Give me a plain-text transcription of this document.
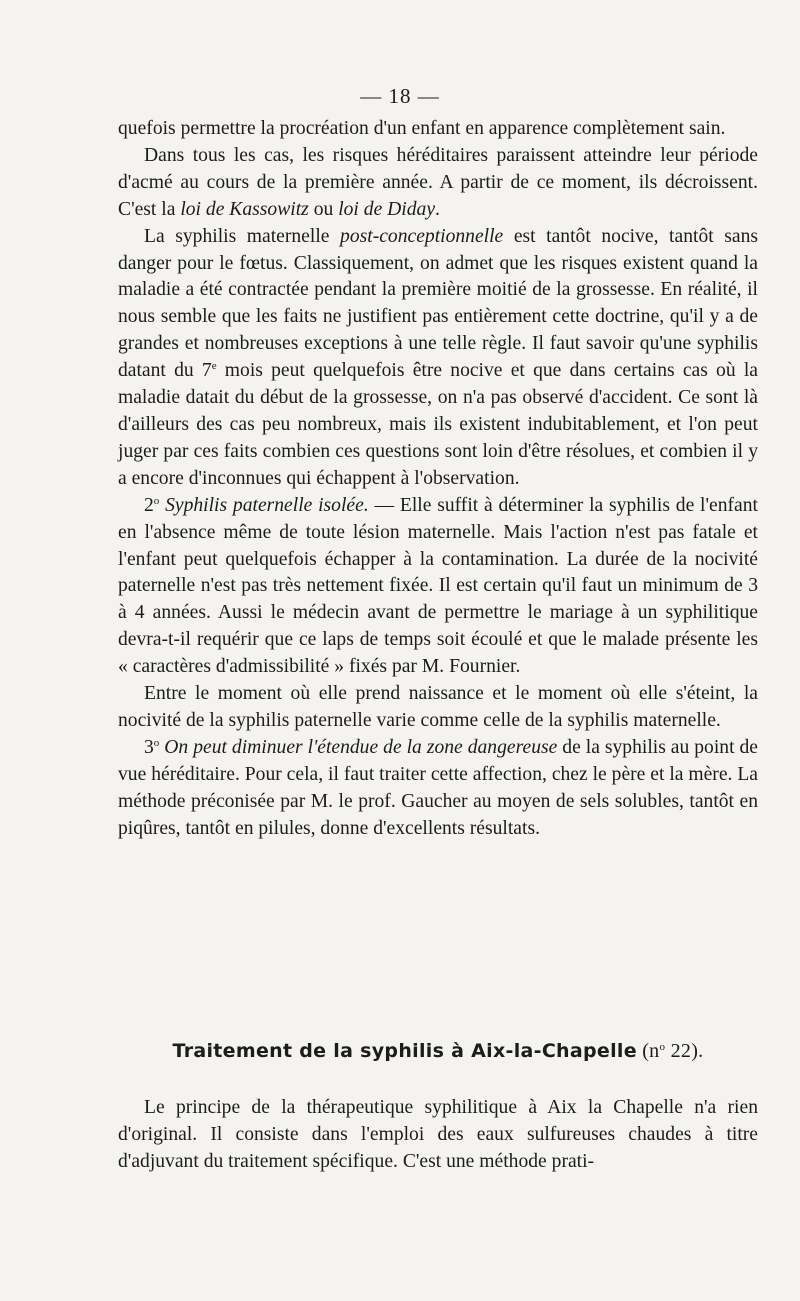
— 18 —

quefois permettre la procréation d'un enfant en apparence complètement sain.

Dans tous les cas, les risques héréditaires paraissent atteindre leur période d'acmé au cours de la première année. A partir de ce moment, ils décroissent. C'est la loi de Kassowitz ou loi de Diday.

La syphilis maternelle post-conceptionnelle est tantôt nocive, tantôt sans danger pour le fœtus. Classiquement, on admet que les risques existent quand la maladie a été contractée pendant la première moitié de la grossesse. En réalité, il nous semble que les faits ne justifient pas entièrement cette doctrine, qu'il y a de grandes et nombreuses exceptions à une telle règle. Il faut savoir qu'une syphilis datant du 7e mois peut quelquefois être nocive et que dans certains cas où la maladie datait du début de la grossesse, on n'a pas observé d'accident. Ce sont là d'ailleurs des cas peu nombreux, mais ils existent indubitablement, et l'on peut juger par ces faits combien ces questions sont loin d'être résolues, et combien il y a encore d'inconnues qui échappent à l'observation.

2$^o$ Syphilis paternelle isolée. — Elle suffit à déterminer la syphilis de l'enfant en l'absence même de toute lésion maternelle. Mais l'action n'est pas fatale et l'enfant peut quelquefois échapper à la contamination. La durée de la nocivité paternelle n'est pas très nettement fixée. Il est certain qu'il faut un minimum de 3 à 4 années. Aussi le médecin avant de permettre le mariage à un syphilitique devra-t-il requérir que ce laps de temps soit écoulé et que le malade présente les « caractères d'admissibilité » fixés par M. Fournier.

Entre le moment où elle prend naissance et le moment où elle s'éteint, la nocivité de la syphilis paternelle varie comme celle de la syphilis maternelle.

3$^o$ On peut diminuer l'étendue de la zone dangereuse de la syphilis au point de vue héréditaire. Pour cela, il faut traiter cette affection, chez le père et la mère. La méthode préconisée par M. le prof. Gaucher au moyen de sels solubles, tantôt en piqûres, tantôt en pilules, donne d'excellents résultats.

Traitement de la syphilis à Aix-la-Chapelle ($n^o$ 22).

Le principe de la thérapeutique syphilitique à Aix la Chapelle n'a rien d'original. Il consiste dans l'emploi des eaux sulfureuses chaudes à titre d'adjuvant du traitement spécifique. C'est une méthode prati-
